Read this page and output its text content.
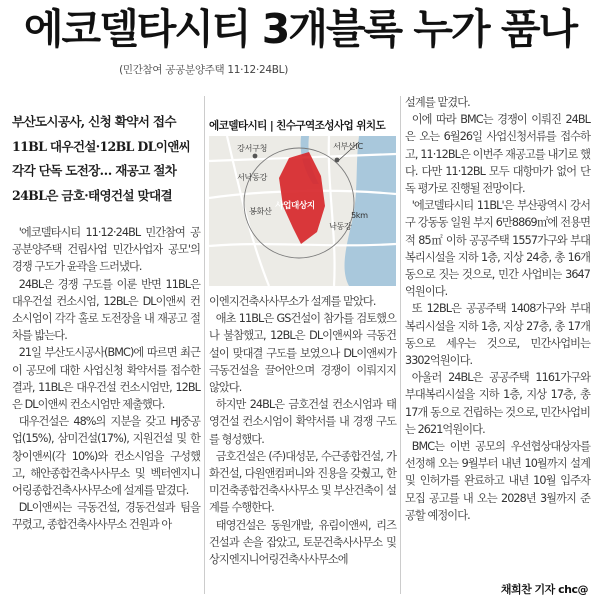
에코델타시티 3개블록 누가 품나
(민간참여 공공분양주택 11·12·24BL)
부산도시공사, 신청 확약서 접수
11BL 대우건설·12BL DL이앤씨
각각 단독 도전장… 재공고 절차
24BL은 금호·태영건설 맞대결

'에코델타시티 11·12·24BL 민간참여 공공분양주택 건립사업 민간사업자 공모'의 경쟁 구도가 윤곽을 드러냈다.

24BL은 경쟁 구도를 이룬 반면 11BL은 대우건설 컨소시엄, 12BL은 DL이앤씨 컨소시엄이 각각 홀로 도전장을 내 재공고 절차를 밟는다.

21일 부산도시공사(BMC)에 따르면 최근 이 공모에 대한 사업신청 확약서를 접수한 결과, 11BL은 대우건설 컨소시엄만, 12BL은 DL이앤씨 컨소시엄만 제출했다.

대우건설은 48%의 지분을 갖고 HJ중공업(15%), 삼미건설(17%), 지원건설 및 한창이앤씨(각 10%)와 컨소시엄을 구성했고, 해안종합건축사사무소 및 벡터엔지니어링종합건축사사무소에 설계를 맡겼다.

DL이앤씨는 극동건설, 경동건설과 팀을 꾸렸고, 종합건축사사무소 건원과 아

에코델타시티 | 친수구역조성사업 위치도
강서구청	서부산IC
서낙동강
봉화산	5km
낙동강
사업대상지

이엔지건축사사무소가 설계를 맡았다.

애초 11BL은 GS건설이 참가를 검토했으나 불참했고, 12BL은 DL이앤씨와 극동건설이 맞대결 구도를 보였으나 DL이앤씨가 극동건설을 끌어안으며 경쟁이 이뤄지지 않았다.

하지만 24BL은 금호건설 컨소시엄과 태영건설 컨소시엄이 확약서를 내 경쟁 구도를 형성했다.

금호건설은 (주)대성문, 수근종합건설, 가화건설, 다원앤컴퍼니와 진용을 갖췄고, 한미건축종합건축사사무소 및 부산건축이 설계를 수행한다.

태영건설은 동원개발, 유림이앤씨, 리즈건설과 손을 잡았고, 토문건축사사무소 및 상지엔지니어링건축사사무소에

설계를 맡겼다.

이에 따라 BMC는 경쟁이 이뤄진 24BL은 오는 6월26일 사업신청서류를 접수하고, 11·12BL은 이번주 재공고를 내기로 했다. 다만 11·12BL 모두 대항마가 없어 단독 평가로 진행될 전망이다.

'에코델타시티 11BL'은 부산광역시 강서구 강동동 일원 부지 6만8869㎡에 전용면적 85㎡ 이하 공공주택 1557가구와 부대복리시설을 지하 1층, 지상 24층, 총 16개 동으로 짓는 것으로, 민간 사업비는 3647억원이다.

또 12BL은 공공주택 1408가구와 부대복리시설을 지하 1층, 지상 27층, 총 17개 동으로 세우는 것으로, 민간사업비는 3302억원이다.

아울러 24BL은 공공주택 1161가구와 부대복리시설을 지하 1층, 지상 17층, 총 17개 동으로 건립하는 것으로, 민간사업비는 2621억원이다.

BMC는 이번 공모의 우선협상대상자를 선정해 오는 9월부터 내년 10월까지 설계 및 인허가를 완료하고 내년 10월 입주자 모집 공고를 내 오는 2028년 3월까지 준공할 예정이다.

채희찬 기자 chc@
